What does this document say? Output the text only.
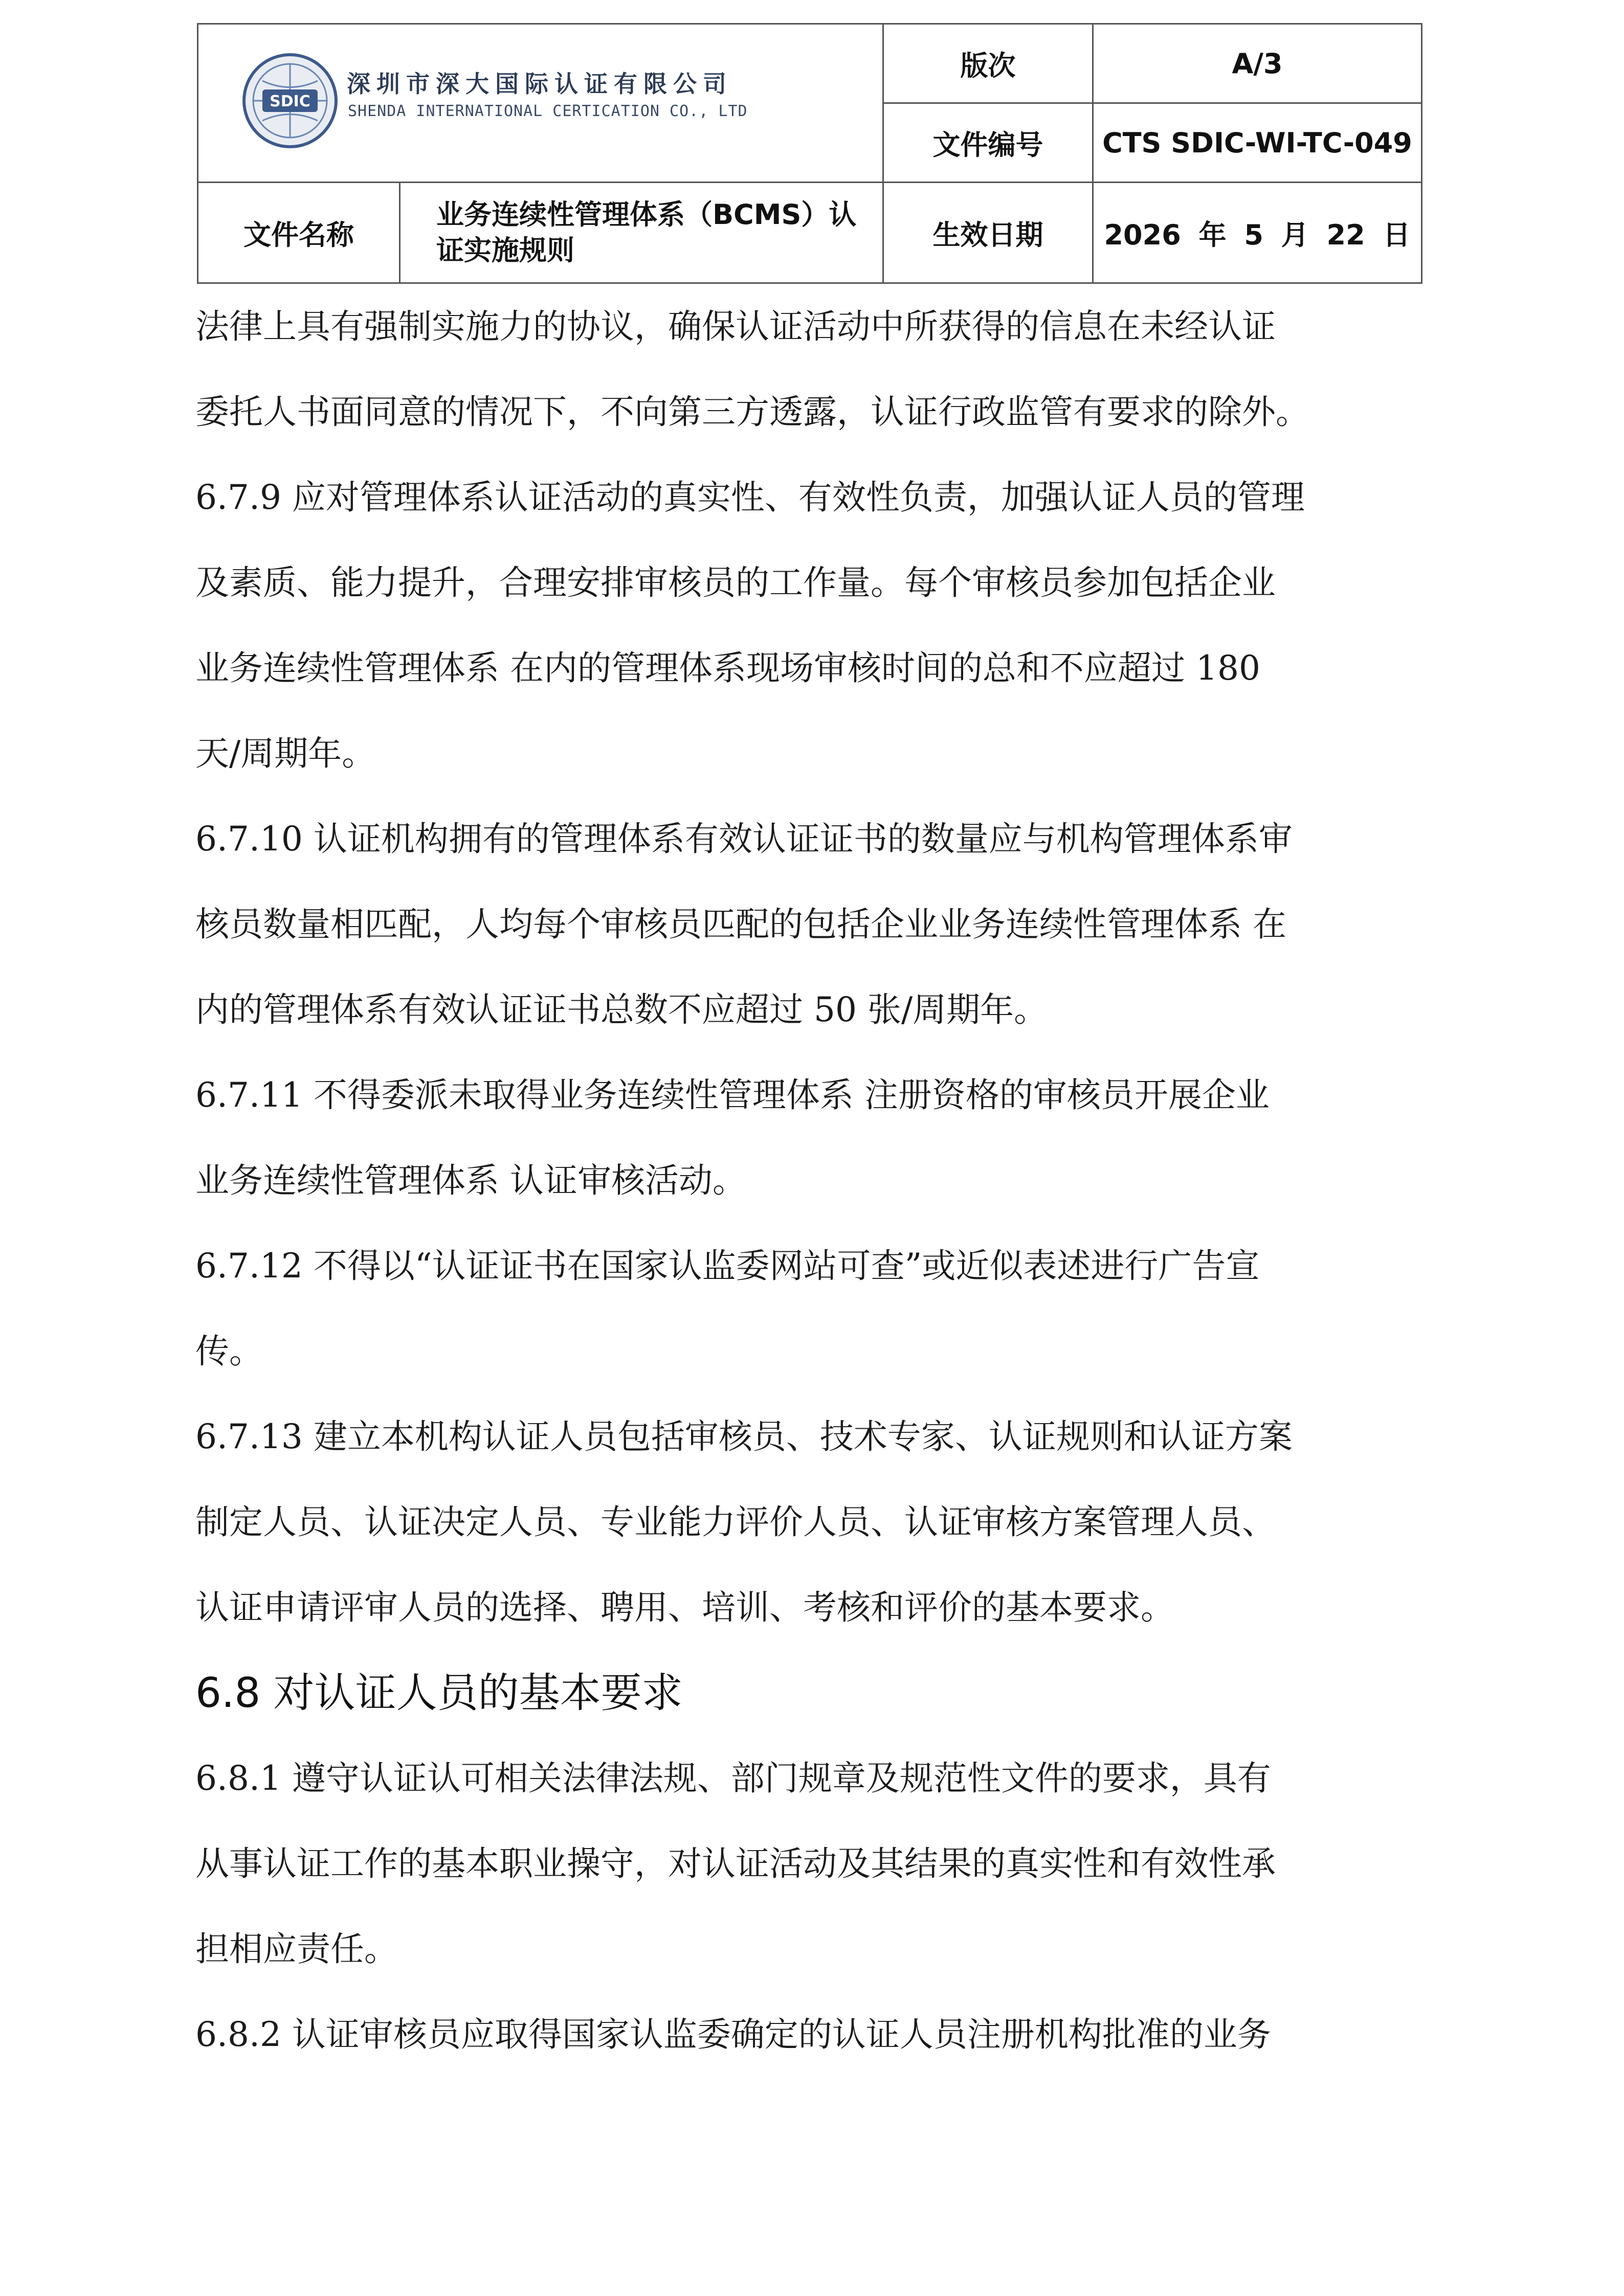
SDIC
深圳市深大国际认证有限公司
SHENDA INTERNATIONAL CERTICATION CO., LTD		版次	A/3
		文件编号	CTS SDIC-WI-TC-049
文件名称	业务连续性管理体系（BCMS）认证实施规则	生效日期	2026 年 5 月 22 日

法律上具有强制实施力的协议，确保认证活动中所获得的信息在未经认证

委托人书面同意的情况下，不向第三方透露，认证行政监管有要求的除外。

6.7.9 应对管理体系认证活动的真实性、有效性负责，加强认证人员的管理

及素质、能力提升，合理安排审核员的工作量。每个审核员参加包括企业

业务连续性管理体系 在内的管理体系现场审核时间的总和不应超过 180

天/周期年。

6.7.10 认证机构拥有的管理体系有效认证证书的数量应与机构管理体系审

核员数量相匹配，人均每个审核员匹配的包括企业业务连续性管理体系 在

内的管理体系有效认证证书总数不应超过 50 张/周期年。

6.7.11 不得委派未取得业务连续性管理体系 注册资格的审核员开展企业

业务连续性管理体系 认证审核活动。

6.7.12 不得以“认证证书在国家认监委网站可查”或近似表述进行广告宣

传。

6.7.13 建立本机构认证人员包括审核员、技术专家、认证规则和认证方案

制定人员、认证决定人员、专业能力评价人员、认证审核方案管理人员、

认证申请评审人员的选择、聘用、培训、考核和评价的基本要求。

6.8 对认证人员的基本要求

6.8.1 遵守认证认可相关法律法规、部门规章及规范性文件的要求，具有

从事认证工作的基本职业操守，对认证活动及其结果的真实性和有效性承

担相应责任。

6.8.2 认证审核员应取得国家认监委确定的认证人员注册机构批准的业务
